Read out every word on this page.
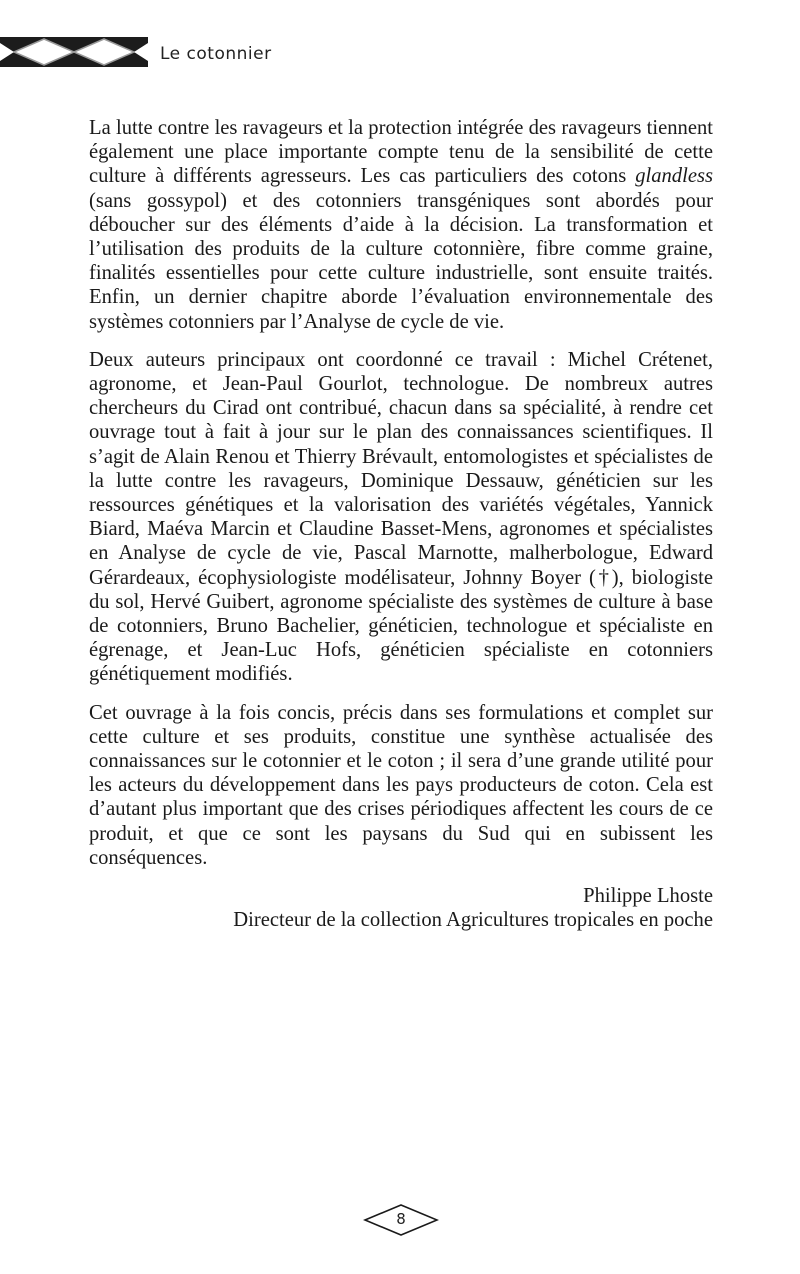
Le cotonnier

La lutte contre les ravageurs et la protection intégrée des ravageurs tiennent également une place importante compte tenu de la sensibilité de cette culture à différents agresseurs. Les cas particuliers des cotons glandless (sans gossypol) et des cotonniers transgéniques sont abordés pour déboucher sur des éléments d’aide à la décision. La transformation et l’utilisation des produits de la culture cotonnière, fibre comme graine, finalités essentielles pour cette culture industrielle, sont ensuite traités. Enfin, un dernier chapitre aborde l’évaluation environnementale des systèmes cotonniers par l’Analyse de cycle de vie.

Deux auteurs principaux ont coordonné ce travail : Michel Crétenet, agronome, et Jean-Paul Gourlot, technologue. De nombreux autres chercheurs du Cirad ont contribué, chacun dans sa spécialité, à rendre cet ouvrage tout à fait à jour sur le plan des connaissances scientifiques. Il s’agit de Alain Renou et Thierry Brévault, entomologistes et spécialistes de la lutte contre les ravageurs, Dominique Dessauw, généticien sur les ressources génétiques et la valorisation des variétés végétales, Yannick Biard, Maéva Marcin et Claudine Basset-Mens, agronomes et spécialistes en Analyse de cycle de vie, Pascal Marnotte, malherbologue, Edward Gérardeaux, écophysiologiste modélisateur, Johnny Boyer (†), biologiste du sol, Hervé Guibert, agronome spécialiste des systèmes de culture à base de cotonniers, Bruno Bachelier, généticien, technologue et spécialiste en égrenage, et Jean-Luc Hofs, généticien spécialiste en cotonniers génétiquement modifiés.

Cet ouvrage à la fois concis, précis dans ses formulations et complet sur cette culture et ses produits, constitue une synthèse actualisée des connaissances sur le cotonnier et le coton ; il sera d’une grande utilité pour les acteurs du développement dans les pays producteurs de coton. Cela est d’autant plus important que des crises périodiques affectent les cours de ce produit, et que ce sont les paysans du Sud qui en subissent les conséquences.

Philippe Lhoste
Directeur de la collection Agricultures tropicales en poche
8
